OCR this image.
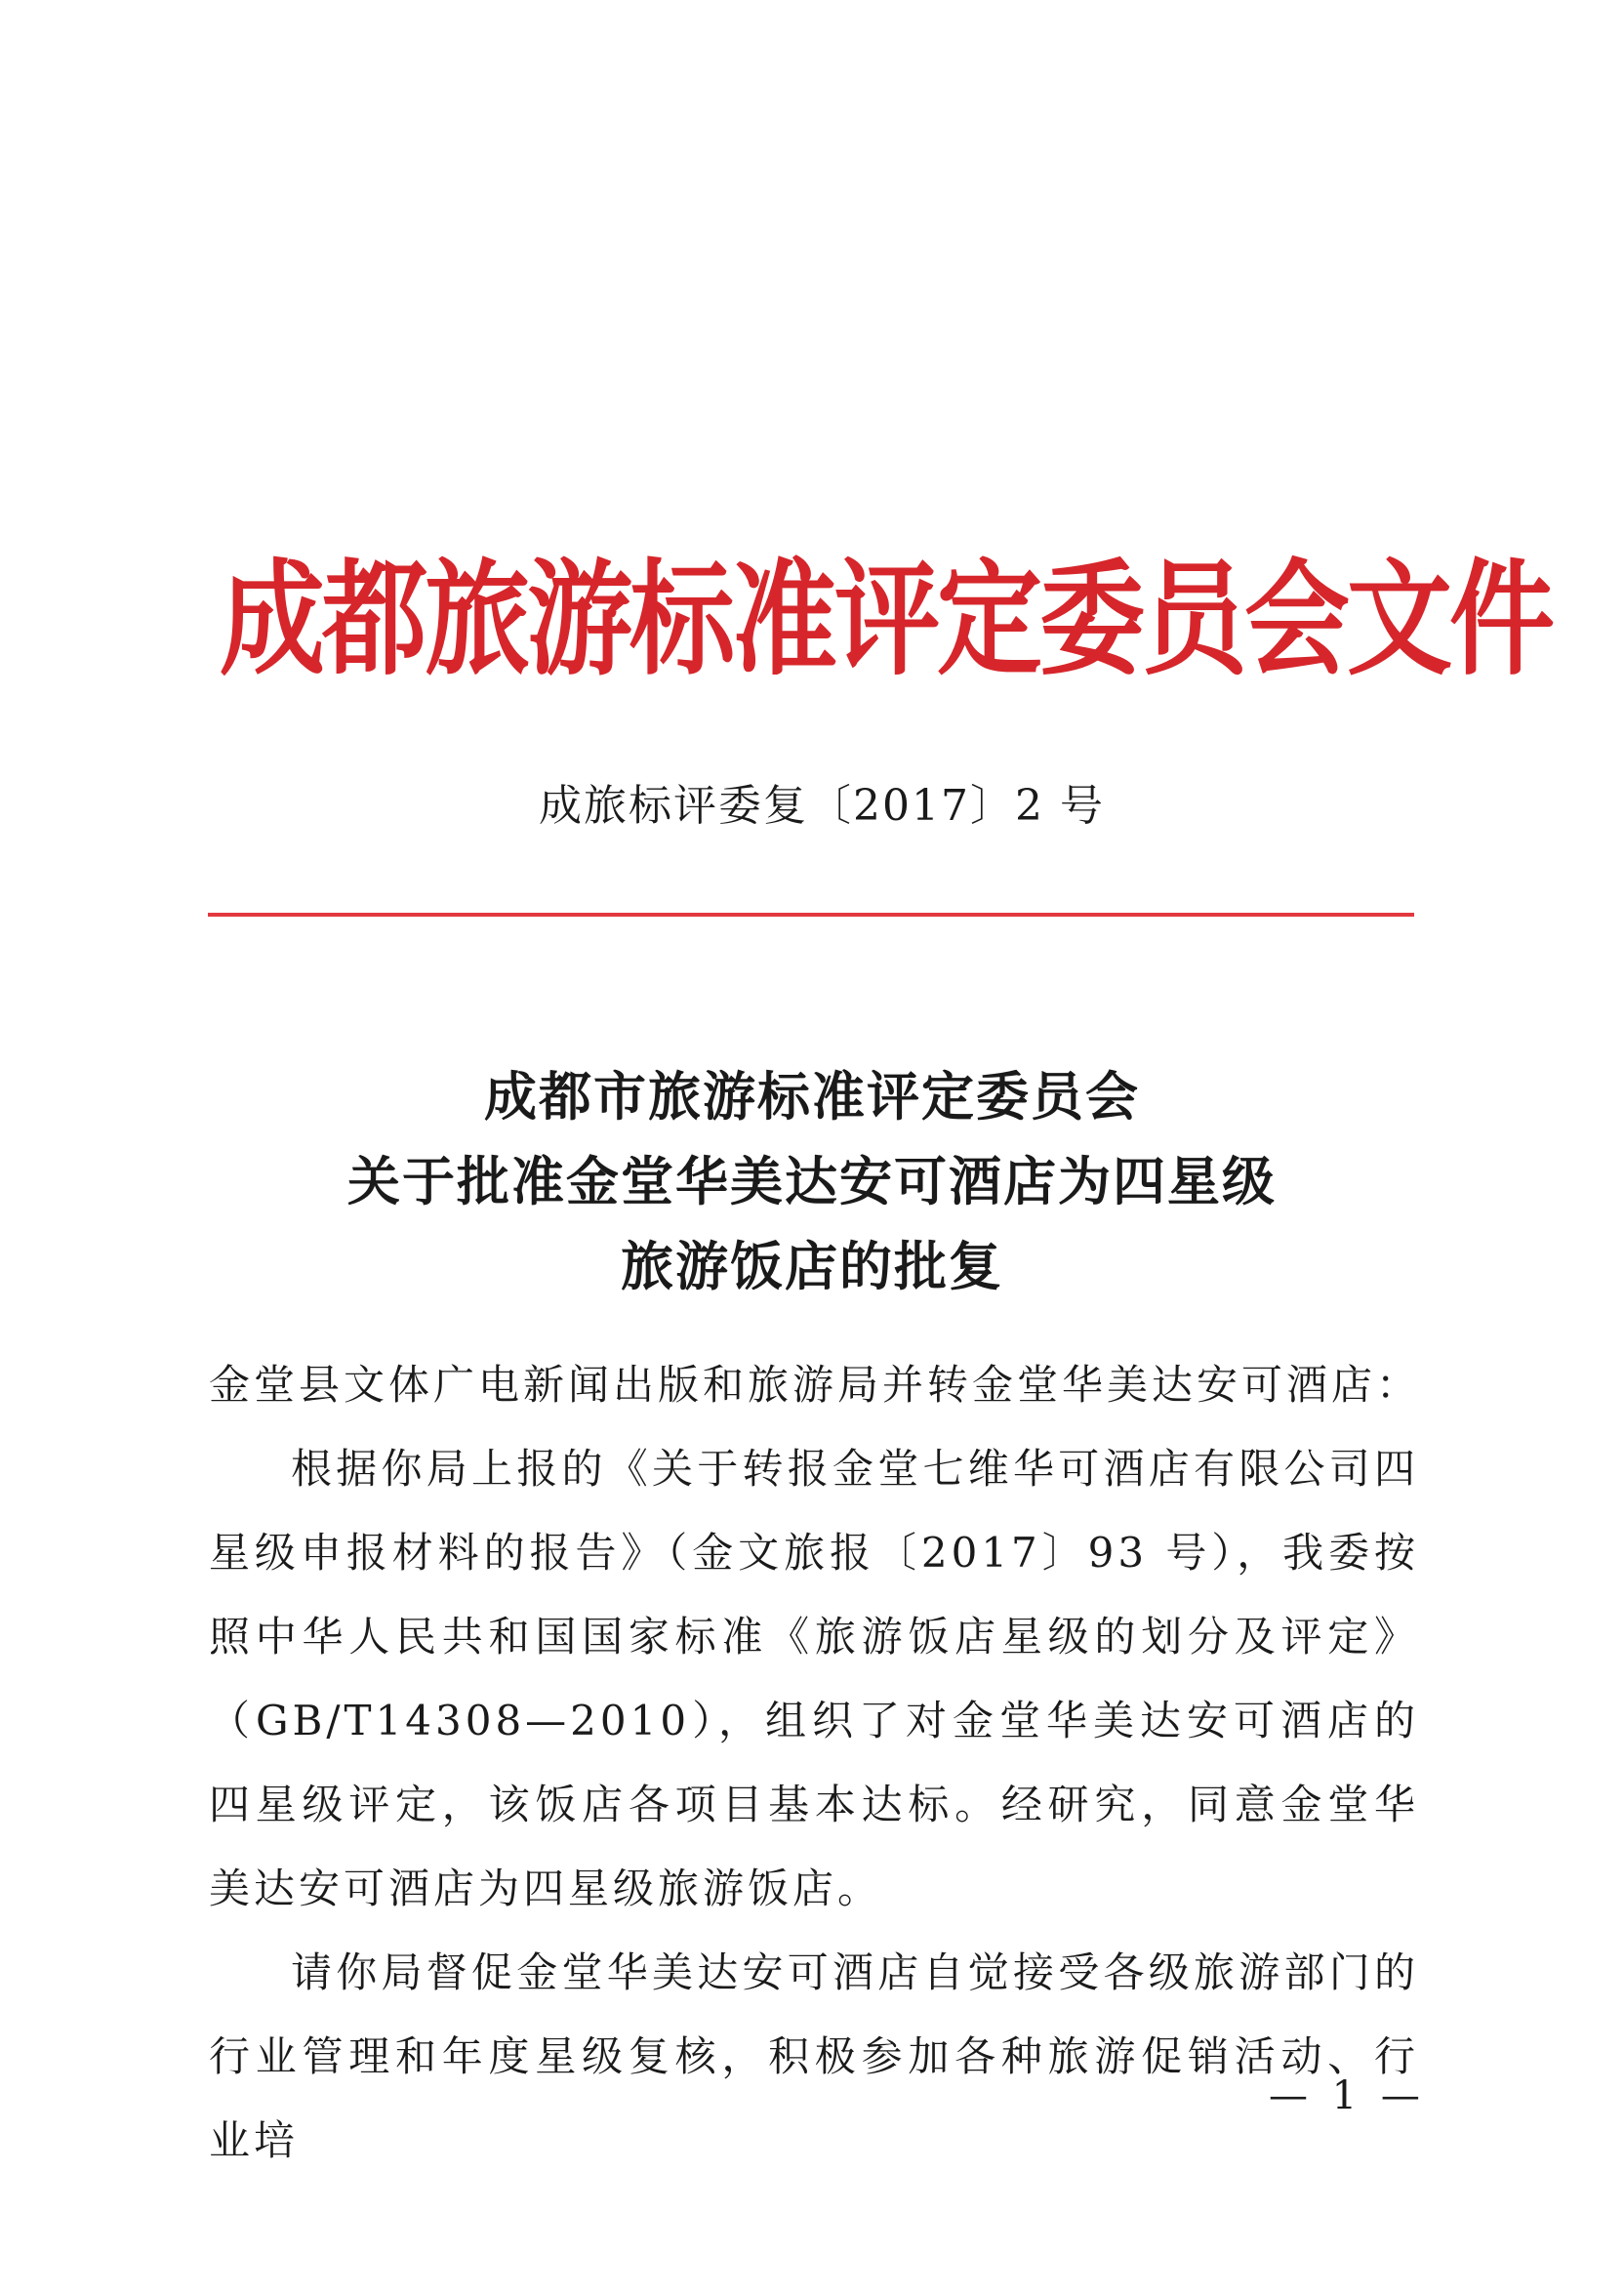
成都旅游标准评定委员会文件
成旅标评委复〔2017〕2 号
成都市旅游标准评定委员会
关于批准金堂华美达安可酒店为四星级
旅游饭店的批复
金堂县文体广电新闻出版和旅游局并转金堂华美达安可酒店：

根据你局上报的《关于转报金堂七维华可酒店有限公司四星级申报材料的报告》（金文旅报〔2017〕93 号），我委按照中华人民共和国国家标准《旅游饭店星级的划分及评定》（GB/T14308—2010），组织了对金堂华美达安可酒店的四星级评定，该饭店各项目基本达标。经研究，同意金堂华美达安可酒店为四星级旅游饭店。

请你局督促金堂华美达安可酒店自觉接受各级旅游部门的行业管理和年度星级复核，积极参加各种旅游促销活动、行业培

— 1 —
